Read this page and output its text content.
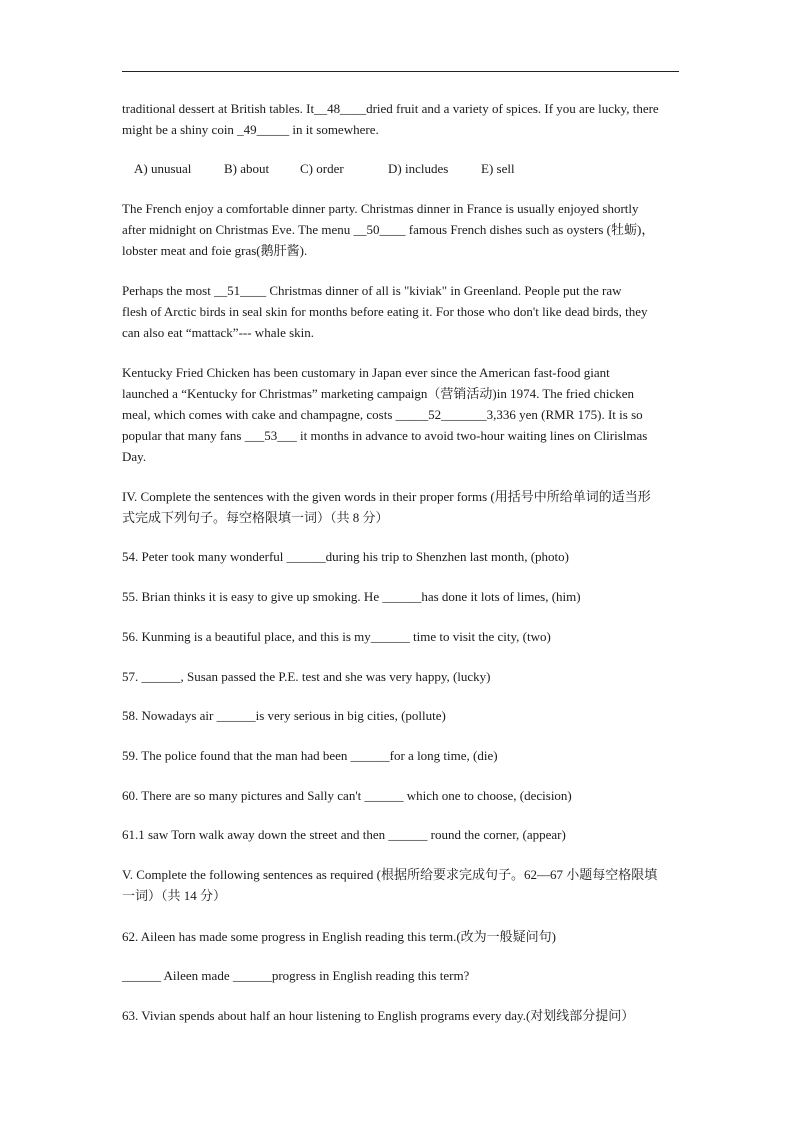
traditional dessert at British tables. It__48____dried fruit and a variety of spices. If you are lucky, there
might be a shiny coin _49_____ in it somewhere.
A) unusual	B) about C) order	D) includes	E) sell
The French enjoy a comfortable dinner party. Christmas dinner in France is usually enjoyed shortly
after midnight on Christmas Eve. The menu __50____ famous French dishes such as oysters (牡蛎)，
lobster meat and foie gras(鹅肝酱).
Perhaps the most __51____ Christmas dinner of all is "kiviak" in Greenland. People put the raw
flesh of Arctic birds in seal skin for months before eating it. For those who don't like dead birds, they
can also eat “mattack”--- whale skin.
Kentucky Fried Chicken has been customary in Japan ever since the American fast-food giant
launched a “Kentucky for Christmas” marketing campaign（营销活动)in 1974. The fried chicken
meal, which comes with cake and champagne, costs _____52_______3,336 yen (RMR 175). It is so
popular that many fans ___53___ it months in advance to avoid two-hour waiting lines on Clirislmas
Day.
IV. Complete the sentences with the given words in their proper forms (用括号中所给单词的适当形
式完成下列句子。每空格限填一词）（共 8 分）
54. Peter took many wonderful ______during his trip to Shenzhen last month, (photo)
55. Brian thinks it is easy to give up smoking. He ______has done it lots of limes, (him)
56. Kunming is a beautiful place, and this is my______ time to visit the city, (two)
57. ______, Susan passed the P.E. test and she was very happy, (lucky)
58. Nowadays air ______is very serious in big cities, (pollute)
59. The police found that the man had been ______for a long time, (die)
60. There are so many pictures and Sally can't ______ which one to choose, (decision)
61.1 saw Torn walk away down the street and then ______ round the corner, (appear)
V. Complete the following sentences as required (根据所给要求完成句子。62—67 小题每空格限填
一词）（共 14 分）
62. Aileen has made some progress in English reading this term.(改为一般疑问句)
______ Aileen made ______progress in English reading this term?
63. Vivian spends about half an hour listening to English programs every day.(对划线部分提问）
